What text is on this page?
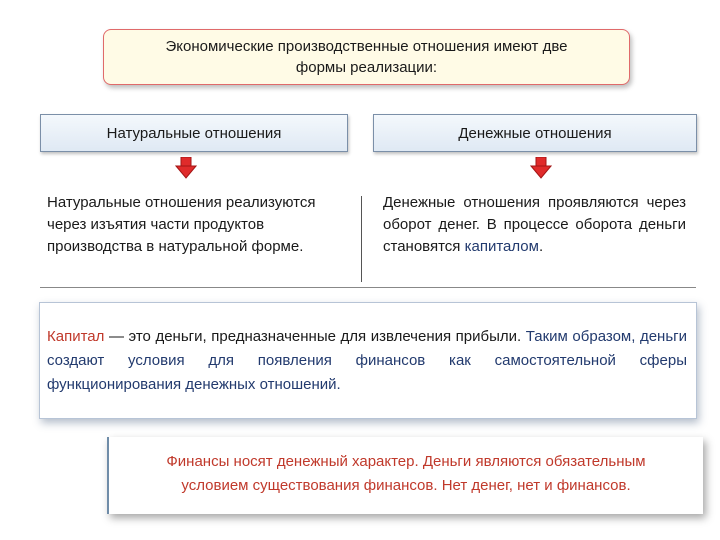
Экономические производственные отношения имеют две
формы реализации:
Натуральные отношения	Денежные отношения
Натуральные отношения реализуются через изъятия части продуктов производства в натуральной форме.
Денежные отношения проявляются через оборот денег. В процессе оборота деньги становятся капиталом.
Капитал — это деньги, предназначенные для извлечения прибыли. Таким образом, деньги создают условия для появления финансов как самостоятельной сферы функционирования денежных отношений.
Финансы носят денежный характер. Деньги являются обязательным
условием существования финансов. Нет денег, нет и финансов.
